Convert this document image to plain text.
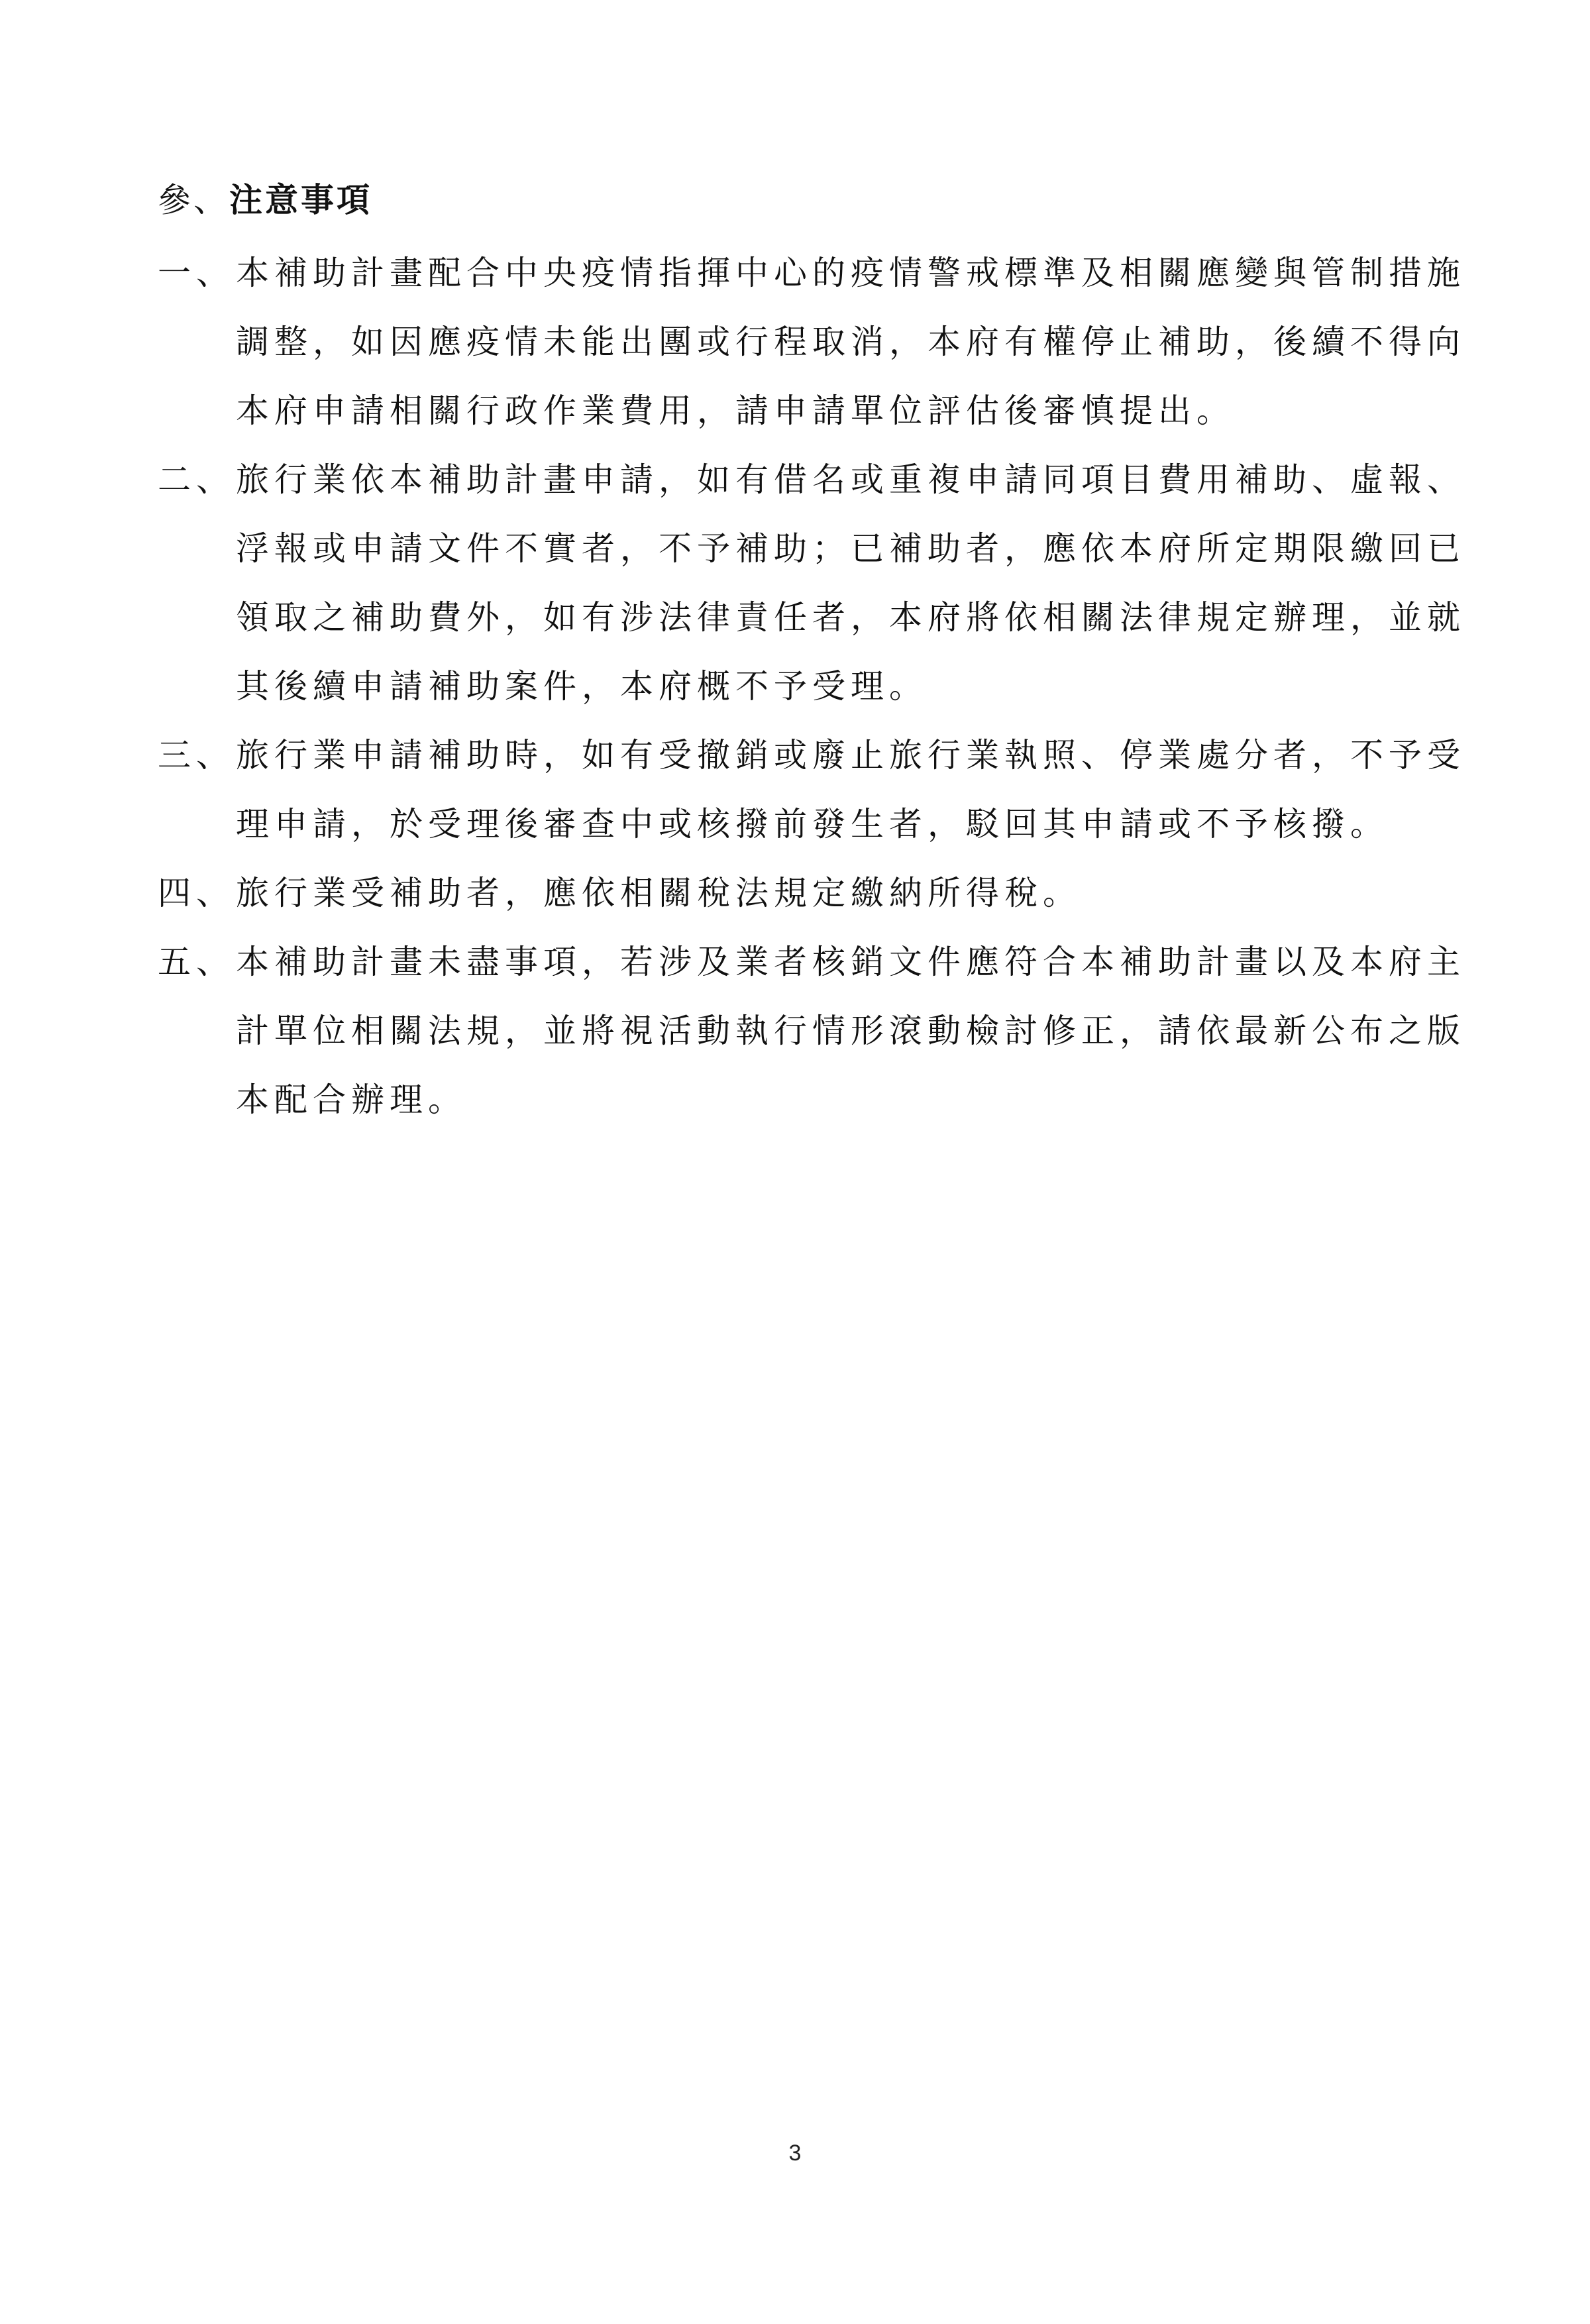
參、注意事項
一、 本補助計畫配合中央疫情指揮中心的疫情警戒標準及相關應變與管制措施
調整，如因應疫情未能出團或行程取消，本府有權停止補助，後續不得向
本府申請相關行政作業費用，請申請單位評估後審慎提出。
二、 旅行業依本補助計畫申請，如有借名或重複申請同項目費用補助、虛報、
浮報或申請文件不實者，不予補助；已補助者，應依本府所定期限繳回已
領取之補助費外，如有涉法律責任者，本府將依相關法律規定辦理，並就
其後續申請補助案件，本府概不予受理。
三、 旅行業申請補助時，如有受撤銷或廢止旅行業執照、停業處分者，不予受
理申請，於受理後審查中或核撥前發生者，駁回其申請或不予核撥。
四、 旅行業受補助者，應依相關稅法規定繳納所得稅。
五、 本補助計畫未盡事項，若涉及業者核銷文件應符合本補助計畫以及本府主
計單位相關法規，並將視活動執行情形滾動檢討修正，請依最新公布之版
本配合辦理。
3
